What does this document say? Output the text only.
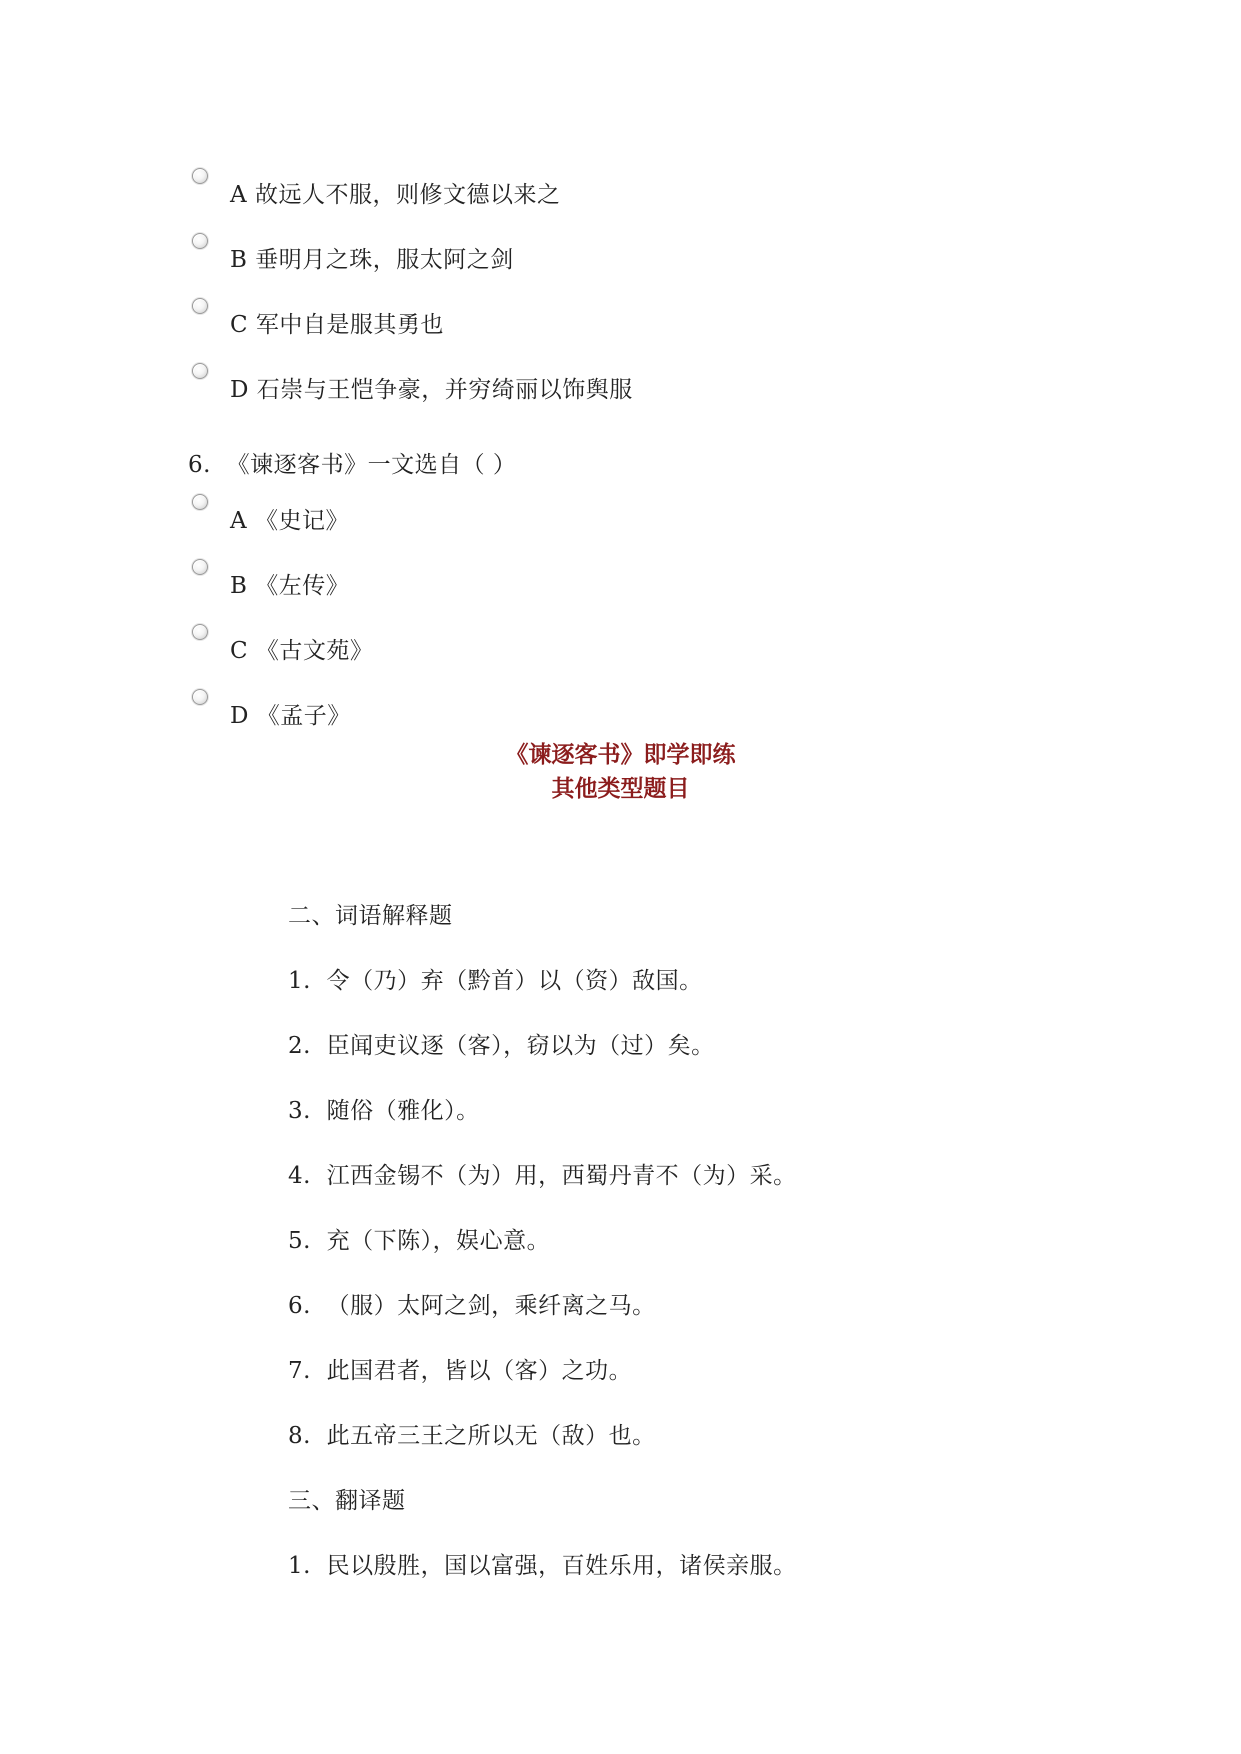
A 故远人不服，则修文德以来之
B 垂明月之珠，服太阿之剑
C 军中自是服其勇也
D 石崇与王恺争豪，并穷绮丽以饰舆服
6. 《谏逐客书》一文选自（ ）
A 《史记》
B 《左传》
C 《古文苑》
D 《孟子》
《谏逐客书》即学即练
其他类型题目
二、词语解释题
1. 令（乃）弃（黔首）以（资）敌国。
2. 臣闻吏议逐（客），窃以为（过）矣。
3. 随俗（雅化）。
4. 江西金锡不（为）用，西蜀丹青不（为）采。
5. 充（下陈），娱心意。
6. （服）太阿之剑，乘纤离之马。
7. 此国君者，皆以（客）之功。
8. 此五帝三王之所以无（敌）也。
三、翻译题
1. 民以殷胜，国以富强，百姓乐用，诸侯亲服。
